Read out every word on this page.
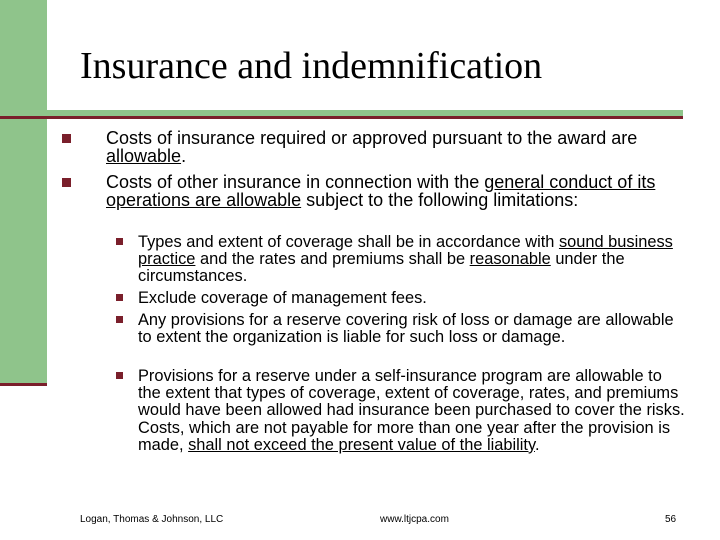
Insurance and indemnification
Costs of insurance required or approved pursuant to the award are allowable.
Costs of other insurance in connection with the general conduct of its operations are allowable subject to the following limitations:
Types and extent of coverage shall be in accordance with sound business practice and the rates and premiums shall be reasonable under the circumstances.
Exclude coverage of management fees.
Any provisions for a reserve covering risk of loss or damage are allowable to extent the organization is liable for such loss or damage.
Provisions for a reserve under a self-insurance program are allowable to the extent that types of coverage, extent of coverage, rates, and premiums would have been allowed had insurance been purchased to cover the risks. Costs, which are not payable for more than one year after the provision is made, shall not exceed the present value of the liability.
Logan, Thomas & Johnson, LLC	www.ltjcpa.com	56
